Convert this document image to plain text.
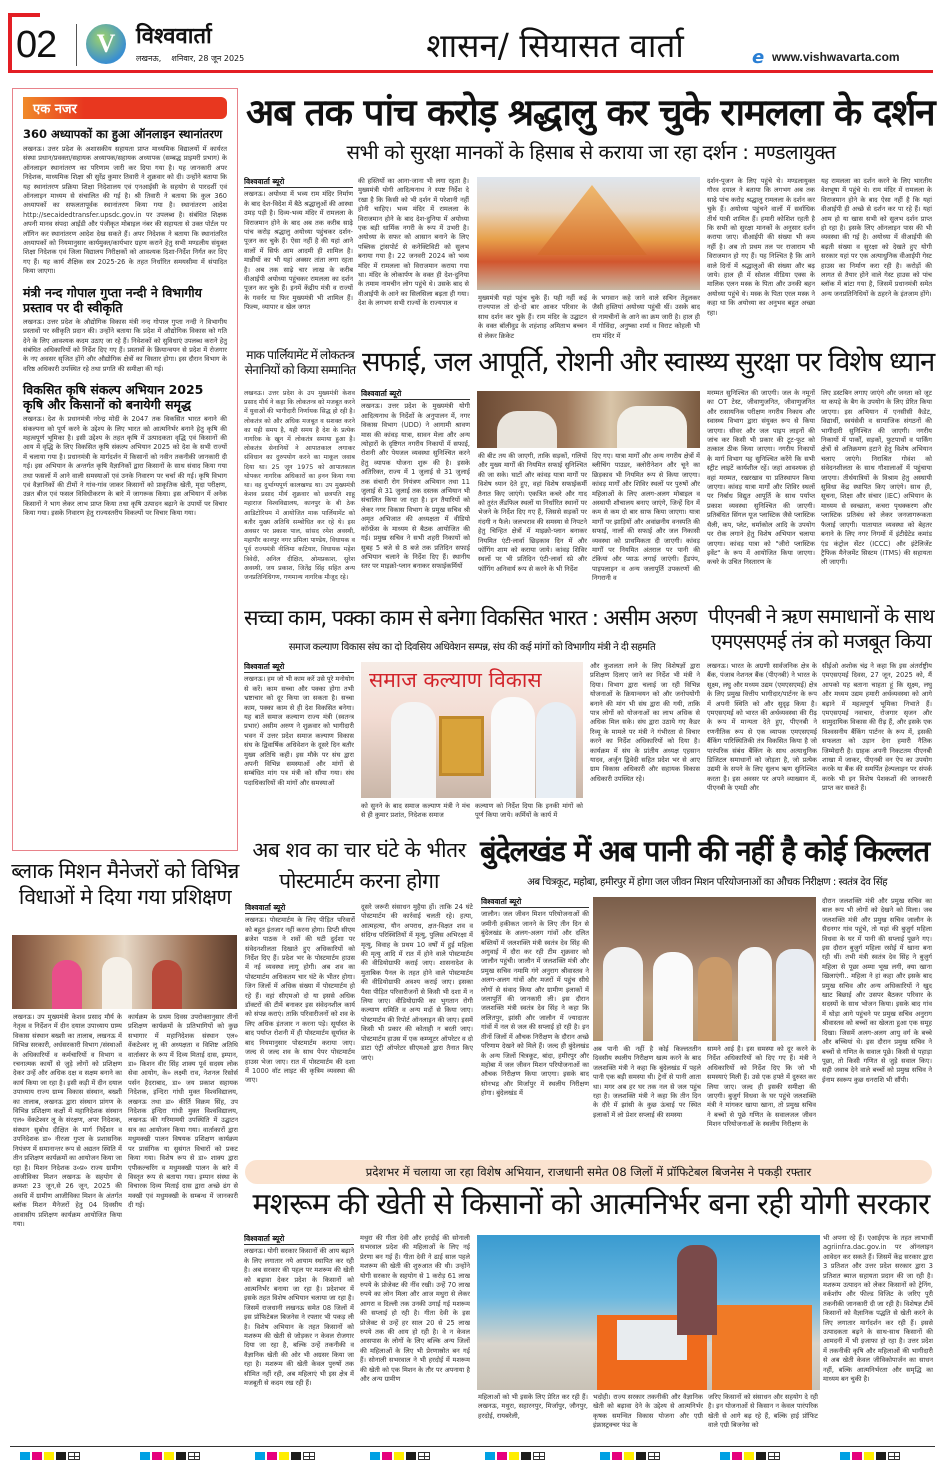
02	V विश्ववार्ता
लखनऊ,    शनिवार, 28 जून 2025	शासन/ सियासत वार्ता	e www.vishwavarta.com
एक नजर
360 अध्यापकों का हुआ ऑनलाइन स्थानांतरण
लखनऊ। उत्तर प्रदेश के अशासकीय सहायता प्राप्त माध्यमिक विद्यालयों में कार्यरत संस्था प्रधान/प्रवक्ता/सहायक अध्यापक/सहायक अध्यापक (सम्बद्ध प्राइमरी प्रभाग) के ऑनलाइन स्थानांतरण का परिणाम जारी कर दिया गया है। यह जानकारी अपर निदेशक, माध्यमिक शिक्षा श्री सुरेंद्र कुमार तिवारी ने शुक्रवार को दी। उन्होंने बताया कि यह स्थानांतरण प्रक्रिया शिक्षा निदेशालय एवं एनआईसी के सहयोग से पारदर्शी एवं ऑनलाइन माध्यम से संचालित की गई है। श्री तिवारी ने बताया कि कुल 360 अध्यापकों का सफलतापूर्वक स्थानांतरण किया गया है। स्थानांतरण आदेश http://secaidedtransfer.upsdc.gov.in पर उपलब्ध है। संबंधित शिक्षक अपनी मानव संपदा आईडी और पंजीकृत मोबाइल नंबर की सहायता से उक्त पोर्टल पर लॉगिन कर स्थानांतरण आदेश देख सकते हैं। अपर निदेशक ने बताया कि स्थानांतरित अध्यापकों को नियमानुसार कार्यमुक्त/कार्यभार ग्रहण कराने हेतु सभी मण्डलीय संयुक्त शिक्षा निदेशक एवं जिला विद्यालय निरीक्षकों को आवश्यक दिशा-निर्देश निर्गत कर दिए गए हैं। यह कार्य शैक्षिक सत्र 2025-26 के तहत निर्धारित समयसीमा में संपादित किया जाएगा।
मंत्री नन्द गोपाल गुप्ता नन्दी ने विभागीय प्रस्ताव पर दी स्वीकृति
लखनऊ। उत्तर प्रदेश के औद्योगिक विकास मंत्री नन्द गोपाल गुप्ता नन्दी ने विभागीय प्रस्तावों पर स्वीकृति प्रदान की। उन्होंने बताया कि प्रदेश में औद्योगिक विकास को गति देने के लिए आवश्यक कदम उठाए जा रहे हैं। निवेशकों को सुविधाएं उपलब्ध कराने हेतु संबंधित अधिकारियों को निर्देश दिए गए हैं। प्रस्तावों के क्रियान्वयन से प्रदेश में रोजगार के नए अवसर सृजित होंगे और औद्योगिक क्षेत्रों का विस्तार होगा। इस दौरान विभाग के वरिष्ठ अधिकारी उपस्थित रहे तथा प्रगति की समीक्षा की गई।
विकसित कृषि संकल्प अभियान 2025 कृषि और किसानों को बनायेगी समृद्ध
लखनऊ। देश के प्रधानमंत्री नरेन्द्र मोदी के 2047 तक विकसित भारत बनाने की संकल्पना को पूर्ण करने के उद्देश्य के लिए भारत को आत्मनिर्भर बनाने हेतु कृषि की महत्वपूर्ण भूमिका है। इसी उद्देश्य के तहत कृषि में उत्पादकता वृद्धि एवं किसानों की आय में वृद्धि के लिए विकसित कृषि संकल्प अभियान 2025 को देश के सभी राज्यों में चलाया गया है। प्रधानमंत्री के मार्गदर्शन में किसानों को नवीन तकनीकी जानकारी दी गई। इस अभियान के अन्तर्गत कृषि वैज्ञानिकों द्वारा किसानों के साथ संवाद किया गया तथा फसलों में आने वाली समस्याओं एवं उनके निवारण पर चर्चा की गई। कृषि विभाग एवं वैज्ञानिकों की टीमों ने गांव-गांव जाकर किसानों को प्राकृतिक खेती, मृदा परीक्षण, उन्नत बीज एवं फसल विविधीकरण के बारे में जागरूक किया। इस अभियान में अनेक किसानों ने भाग लेकर लाभ प्राप्त किया तथा कृषि उत्पादन बढ़ाने के उपायों पर विचार किया गया। इसके निवारण हेतु राज्यस्तरीय विकल्पों पर विचार किया गया।
अब तक पांच करोड़ श्रद्धालु कर चुके रामलला के दर्शन
सभी को सुरक्षा मानकों के हिसाब से कराया जा रहा दर्शन : मण्डलायुक्त
विश्ववार्ता ब्यूरो
लखनऊ। अयोध्या में भव्य राम मंदिर निर्माण के बाद देश-विदेश में बैठे श्रद्धालुओं की आस्था उमड़ पड़ी है। दिव्य-भव्य मंदिर में रामलला के विराजमान होने के बाद अब तक करीब साढ़े पांच करोड़ श्रद्धालु अयोध्या पहुंचकर दर्शन-पूजन कर चुके हैं। ऐसा नहीं है की यहां आने वालों में सिर्फ आम आदमी ही शामिल है। मान्नीयों का भी यहां अक्सर तांता लगा रहता है। अब तक साढ़े चार लाख के करीब वीआईपी अयोध्या पहुंचकर रामलला का दर्शन पूजन कर चुके हैं। इनमें केंद्रीय मंत्री व राज्यों के गवर्नर या फिर मुख्यमंत्री भी शामिल हैं। फिल्म, व्यापार व खेल जगत
की हस्तियों का आना-जाना भी लगा रहता है। मुख्यमंत्री योगी आदित्यनाथ ने स्पष्ट निर्देश दे रखा है कि किसी को भी दर्शन में परेशानी नहीं होनी चाहिए। भव्य मंदिर में रामलला के विराजमान होने के बाद देश-दुनिया में अयोध्या एक बड़ी धार्मिक नगरी के रूप में उभरी है। अयोध्या के सफर को आसान बनाने के लिए पब्लिक ट्रांसपोर्ट से कनेक्टिविटी को सुलभ बनाया गया है। 22 जनवरी 2024 को भव्य मंदिर में रामलला को विराजमान कराया गया था। मंदिर के लोकार्पण के वक्त ही देश-दुनिया के तमाम नामचीन लोग पहुंचे थे। उसके बाद से वीआईपी के आने का सिलसिला बढ़ता ही गया। देश के लगभग सभी राज्यों के राज्यपाल व
मुख्यमंत्री यहां पहुंच चुके हैं। यही नहीं कई राज्यपाल तो दो-दो बार आकर परिवार के साथ दर्शन कर चुके हैं। राम मंदिर के उद्घाटन के वक्त बॉलीवुड के शहंशाह अमिताभ बच्चन से लेकर क्रिकेट
के भगवान कहे जाने वाले सचिन तेंदुलकर जैसी हस्तियां अयोध्या पहुंची थीं। उसके बाद से नामचीनों के आने का क्रम जारी है। हाल ही में गोविंदा, अनुष्का शर्मा व विराट कोहली भी राम मंदिर में
दर्शन-पूजन के लिए पहुंचे थे। मण्डलायुक्त गौरव दयाल ने बताया कि लगभग अब तक साढ़े पांच करोड़ श्रद्धालु रामलला के दर्शन कर चुके हैं। अयोध्या पहुंचने वालों में सर्वाधिक तीर्थ यात्री शामिल हैं। हमारी कोशिश रहती है कि सभी को सुरक्षा मानकों के अनुसार दर्शन कराया जाए। वीआईपी की संख्या भी कम नहीं है। अब तो प्रथम तल पर राजाराम भी विराजमान हो गए हैं। यह निश्चित है कि आने वाले दिनों में श्रद्धालुओं की संख्या और बढ़ जाये। हाल ही में सोशल मीडिया एक्स के मालिक एलन मस्क के पिता और उनकी बहन अयोध्या पहुंचे थे। मस्क के पिता एरल मस्क ने कहा था कि अयोध्या का अनुभव बहुत अच्छा रहा।
यह रामलला का दर्शन करने के लिए भारतीय वेशभूषा में पहुंचे थे। राम मंदिर में रामलला के विराजमान होने के बाद ऐसा नहीं है कि यहां वीआईपी ही अच्छे से दर्शन कर पा रहे हैं। यहां आम हो या खास सभी को सुलभ दर्शन प्राप्त हो रहा है। इसके लिए ऑनलाइन पास की भी व्यवस्था की गई है। अयोध्या में वीआईपी की बढ़ती संख्या व सुरक्षा को देखते हुए योगी सरकार यहां पर एक अत्याधुनिक वीआईपी गेस्ट हाउस का निर्माण करा रही है। करोड़ों की लागत से तैयार होने वाले गेस्ट हाउस को पांच ब्लॉक में बांटा गया है, जिसमें प्रधानमंत्री समेत अन्य जनप्रतिनिधियों के ठहरने के इंतजाम होंगे।
माक पार्लियामेंट में लोकतन्त्र सेनानियों को किया सम्मानित
लखनऊ। उत्तर प्रदेश के उप मुख्यमंत्री केशव प्रसाद मौर्य ने कहा कि लोकतन्त्र को मजबूत करने में युवाओं की भागीदारी निर्णायक सिद्ध हो रही है। लोकतंत्र को और अधिक मजबूत व सशक्त करने का यही समय है, यही समय है देश के प्रत्येक नागरिक के खून में लोकतंत्र समाया हुआ है। लोकतंत्र सेनानियों ने आपातकाल लगाकर संविधान का दुरुपयोग करने का माकूल जवाब दिया था। 25 जून 1975 को आपातकाल थोपकर नागरिक अधिकारों का हनन किया गया था। वह दुर्भाग्यपूर्ण कालखण्ड था। उप मुख्यमंत्री केशव प्रसाद मौर्य शुक्रवार को छत्रपति शाहू महाराज विश्वविद्यालय, कानपुर के बी ठेक आडिटोरियम में आयोजित माक पार्लियामेंट को बतौर मुख्य अतिथि सम्बोधित कर रहे थे। इस अवसर पर प्रकाश पाल, सांसद रमेश अवस्थी, महापौर कानपुर नगर प्रमिला पाण्डेय, विधायक व पूर्व राज्यमंत्री नीलिमा कटियार, विधायक महेश त्रिवेदी, अनिल दीक्षित, ओमप्रकाश, सुरेश अवस्थी, जय प्रकाश, जितेंद्र सिंह सहित अन्य जनप्रतिनिधिगण, गणमान्य नागरिक मौजूद रहे।
सफाई, जल आपूर्ति, रोशनी और स्वास्थ्य सुरक्षा पर विशेष ध्यान
विश्ववार्ता ब्यूरो
लखनऊ। उत्तर प्रदेश के मुख्यमंत्री योगी आदित्यनाथ के निर्देशों के अनुपालन में, नगर विकास विभाग (UDD) ने आगामी श्रावण मास की कांवड़ यात्रा, सावन मेला और अन्य त्योहारों के दृष्टिगत नगरीय निकायों में सफाई, रोशनी और पेयजल व्यवस्था सुनिश्चित करने हेतु व्यापक योजना शुरू की है। इसके अतिरिक्त, राज्य में 1 जुलाई से 31 जुलाई तक संचारी रोग नियंत्रण अभियान तथा 11 जुलाई से 31 जुलाई तक दस्तक अभियान भी संचालित किया जा रहा है। इन तैयारियों को लेकर नगर विकास विभाग के प्रमुख सचिव श्री अमृत अभिजात की अध्यक्षता में वीडियो कॉन्फ्रेंस के माध्यम से बैठक आयोजित की गई। प्रमुख सचिव ने सभी शहरी निकायों को सुबह 5 बजे से 8 बजे तक प्रतिदिन सफाई अभियान चलाने के निर्देश दिए हैं। स्थानीय स्तर पर माइक्रो-प्लान बनाकर सफाईकर्मियों
की बीट तय की जाएगी, ताकि सड़कों, गलियों और मुख्य मार्गों की नियमित सफाई सुनिश्चित की जा सके। घाटों और कांवड़ यात्रा मार्गों पर विशेष ध्यान देते हुए, वहां विशेष सफाईकर्मी तैनात किए जाएंगे। एकत्रित कचरे और गाद को तुरंत लैंडफिल स्थलों या निर्धारित स्थानों पर भेजने के निर्देश दिए गए हैं, जिससे सड़कों पर गंदगी न फैले। जलभराव की समस्या से निपटने हेतु चिन्हित क्षेत्रों में माइक्रो-प्लान बनाकर नियमित एंटी-लार्वा छिड़काव दिन में और फॉगिंग शाम को कराया जाये। कांवड़ शिविर स्थलों पर भी प्रतिदिन एंटी-लार्वा स्प्रे और फॉगिंग अनिवार्य रूप से करने के भी निर्देश
दिए गए। यात्रा मार्गों और अन्य नगरीय क्षेत्रों में ब्लीचिंग पाउडर, क्लोरीनेशन और चूने का छिड़काव भी नियमित रूप से किया जाएगा। कांवड़ मार्गों और शिविर स्थलों पर पुरुषों और महिलाओं के लिए अलग-अलग मोबाइल व अस्थायी शौचालय बनाए जाएंगे, जिन्हें दिन में कम से कम दो बार साफ किया जाएगा। यात्रा मार्गों पर झाड़ियों और अवांछनीय वनस्पति की सफाई, नालों की सफाई और जल निकासी व्यवस्था को प्राथमिकता दी जाएगी। कांवड़ मार्गों पर नियमित अंतराल पर पानी की टंकियां और प्याऊ लगाई जाएंगी। हैंडपंप, पाइपलाइन व अन्य जलापूर्ति उपकरणों की निगरानी व
मरम्मत सुनिश्चित की जाएगी। जल के नमूनों का OT टेस्ट, जीवाणुजनित, जीवाणुजनित और रासायनिक परीक्षण नगरीय निकाय और स्वास्थ्य विभाग द्वारा संयुक्त रूप से किया जाएगा। सीवर और जल पाइप लाइनों की जांच कर किसी भी प्रकार की टूट-फूट को तत्काल ठीक किया जाएगा। नगरीय निकायों के मार्ग विभाग यह सुनिश्चित करेंगे कि सभी स्ट्रीट लाइटें कार्यशील रहें। जहां आवश्यक हो वहां मरम्मत, रखरखाव या प्रतिस्थापन किया जाएगा। कांवड़ यात्रा मार्गों और शिविर स्थलों पर निर्बाध विद्युत आपूर्ति के साथ पर्याप्त प्रकाश व्यवस्था सुनिश्चित की जाएगी। प्रतिबंधित सिंगल यूज प्लास्टिक जैसे प्लास्टिक थैली, कप, प्लेट, थर्माकोल आदि के उपयोग पर रोक लगाने हेतु विशेष अभियान चलाया जाएगा। कांवड़ यात्रा को "जीरो प्लास्टिक इवेंट" के रूप में आयोजित किया जाएगा। कचरे के उचित निस्तारण के
लिए डस्टबिन लगाए जाएंगे और जनता को जूट या कपड़े के बैग के उपयोग के लिए प्रेरित किया जाएगा। इस अभियान में एनसीसी कैडेट, विद्यार्थी, स्वयंसेवी व सामाजिक संगठनों की भागीदारी सुनिश्चित की जाएगी। नगरीय निकायों में पार्कों, सड़कों, फुटपाथों व पार्किंग क्षेत्रों से अतिक्रमण हटाने हेतु विशेष अभियान चलाए जाएंगे। निराश्रित गोवंश को संवेदनशीलता के साथ गौशालाओं में पहुंचाया जाएगा। तीर्थयात्रियों के विश्राम हेतु अस्थायी सुविधा केंद्र स्थापित किए जाएंगे। साथ ही, सूचना, शिक्षा और संचार (IEC) अभियान के माध्यम से स्वच्छता, कचरा पृथक्करण और प्लास्टिक प्रतिबंध को लेकर जनजागरूकता फैलाई जाएगी। यातायात व्यवस्था को बेहतर बनाने के लिए नगर निगमों में इंटीग्रेटेड कमांड एंड कंट्रोल सेंटर (ICCC) और इंटेलिजेंट ट्रैफिक मैनेजमेंट सिस्टम (ITMS) की सहायता ली जाएगी।
सच्चा काम, पक्का काम से बनेगा विकसित भारत : असीम अरुण
समाज कल्याण विकास संघ का दो दिवसिय अधिवेशन सम्पन्न, संघ की कई मांगों को विभागीय मंत्री ने दी सहमति
विश्ववार्ता ब्यूरो
लखनऊ। हम जो भी काम करें उसे पूरे मनोयोग से करें। काम सच्चा और पक्का होगा तभी भ्रष्टाचार को दूर किया जा सकता है। सच्चा काम, पक्का काम से ही देश विकसित बनेगा। यह बातें समाज कल्याण राज्य मंत्री (स्वतन्त्र प्रभार) असीम अरुण ने शुक्रवार को भागीदारी भवन में उत्तर प्रदेश समाज कल्याण विकास संघ के द्विवार्षिक अधिवेशन के दूसरे दिन बतौर मुख्य अतिथि कही। इस मौके पर संघ द्वारा अपनी विभिन्न समस्याओं और मांगों से सम्बंधित मांग पत्र मंत्री को सौंपा गया। संघ पदाधिकारियों की मांगों और समस्याओं
समाज कल्याण विकास
को सुनने के बाद समाज कल्याण मंत्री ने मंच से ही कुमार प्रशांत, निदेशक समाज
कल्याण को निर्देश दिया कि इनकी मांगों को पूर्ण किया जाये। कर्मियों के कार्य में
और कुशलता लाने के लिए विशेषज्ञों द्वारा प्रशिक्षण दिलाए जाने का निर्देश भी मंत्री ने दिया। विभाग द्वारा चलाई जा रही विभिन्न योजनाओं के क्रियान्वयन को और जनोपयोगी बनाने की मांग भी संघ द्वारा की गयी, ताकि पात्र लोगों को योजनाओं का लाभ अधिक से अधिक मिल सके। संघ द्वारा उठाये गए कैडर रिव्यू के मामले पर मंत्री ने गंभीरता से विचार करने का निर्देश अधिकारियों को दिया है। कार्यक्रम में संघ के प्रांतीय अध्यक्ष एहसान यादव, अर्जुन द्विवेदी सहित प्रदेश भर से आए ग्राम विकास अधिकारी और सहायक विकास अधिकारी उपस्थित रहे।
पीएनबी ने ऋण समाधानों के साथ एमएसएमई तंत्र को मजबूत किया
लखनऊ। भारत के अग्रणी सार्वजनिक क्षेत्र के बैंक, पंजाब नेशनल बैंक (पीएनबी) ने भारत के सूक्ष्म, लघु और मध्यम उद्यम (एमएसएमई) क्षेत्र के लिए प्रमुख वित्तीय भागीदार/पार्टनर के रूप में अपनी स्थिति को और सुदृढ़ किया है। एमएसएमई को भारत की अर्थव्यवस्था की रीढ़ के रूप में मान्यता देते हुए, पीएनबी ने रणनीतिक रूप से एक व्यापक एमएसएमई बैंकिंग पारिस्थितिकी तंत्र विकसित किया है जो पारंपरिक संबंध बैंकिंग के साथ अत्याधुनिक डिजिटल समाधानों को जोड़ता है, जो प्रत्येक उद्यमी के सपने के लिए सुलभ ऋण सुनिश्चित करता है। इस अवसर पर अपने व्याख्यान में, पीएनबी के एमडी और
सीईओ अशोक चंद्र ने कहा कि इस अंतर्राष्ट्रीय एमएसएमई दिवस, 27 जून, 2025 को, मैं आपको यह बताना चाहता हूं कि सूक्ष्म, लघु और मध्यम उद्यम हमारी अर्थव्यवस्था को आगे बढ़ाने में महत्वपूर्ण भूमिका निभाते हैं। एमएसएमई नवाचार, रोजगार सृजन और सामुदायिक विकास की रीढ़ हैं, और इसके एक विश्वसनीय बैंकिंग पार्टनर के रूप में, इसकी सफलता को उड़ान देना हमारी नैतिक जिम्मेदारी है। ग्राहक अपनी निकटतम पीएनबी शाखा में जाकर, पीएनबी वन ऐप का उपयोग करके या बैंक की समर्पित हेल्पलाइन पर संपर्क करके भी इन विशेष पेशकशों की जानकारी प्राप्त कर सकते हैं।
अब शव का चार घंटे के भीतर
पोस्टमार्टम करना होगा
विश्ववार्ता ब्यूरो
लखनऊ। पोस्टमार्टम के लिए पीड़ित परिवारों को बहुत इंतजार नहीं करना होगा। डिप्टी सीएम ब्रजेश पाठक ने शवों की घटी दुर्दशा पर संवेदनशीलता दिखाते हुए अधिकारियों को निर्देश दिए हैं। प्रदेश भर के पोस्टमार्टम हाउस में नई व्यवस्था लागू होगी। अब शव का पोस्टमार्टम अधिकतम चार घंटे के भीतर होगा। जिन जिलों में अधिक संख्या में पोस्टमार्टम हो रहे हैं। वहां सीएमओ दो या इससे अधिक डॉक्टरों की टीमें बनाकर इस संवेदनशील कार्य को संपन्न कराएं। ताकि परिवारीजनों को शव के लिए अधिक इंतजार न करना पड़े। सूर्यास्त के बाद पर्याप्त रोशनी में ही पोस्टमार्टम सूर्यास्त के बाद नियमानुसार पोस्टमार्टम कराया जाए। जल्द से जल्द शव के साथ पेपर पोस्टमार्टम हाउस भेजा जाए। रात में पोस्टमार्टम की दशा में 1000 वॉट लाइट की कृत्रिम व्यवस्था की जाए।
दूसरे जरूरी संसाधन मुहैया हों। ताकि 24 घंटे पोस्टमार्टम की कार्रवाई चलती रहे। हत्या, आत्महत्या, यौन अपराध, क्षत-विक्षत शव व संदिग्ध परिस्थितियों में मृत्यु, पुलिस अभिरक्षा में मृत्यु, विवाह के प्रथम 10 वर्षों में हुई महिला की मृत्यु आदि में रात में होने वाले पोस्टमार्टम की वीडियोग्राफी कराई जाए। शासनादेश के मुताबिक पैनल के तहत होने वाले पोस्टमार्टम की वीडियोग्राफी अवश्य कराई जाए। इसका पैसा पीड़ित परिवारीजनों से किसी भी दशा में न लिया जाए। वीडियोग्राफी का भुगतान रोगी कल्याण समिति व अन्य मदों से किया जाए। पोस्टमार्टम की रिपोर्ट ऑनलाइन की जाए। इसमें किसी भी प्रकार की कोताही न बरती जाए। पोस्टमार्टम हाउस में एक कम्प्यूटर ऑपरेटर व दो डाटा एंट्री ऑपरेटर सीएमओ द्वारा तैनात किए जाएं।
बुंदेलखंड में अब पानी की नहीं है कोई किल्लत
अब चित्रकूट, महोबा, हमीरपुर में होगा जल जीवन मिशन परियोजनाओं का औचक निरीक्षण : स्वतंत्र देव सिंह
विश्ववार्ता ब्यूरो
जालौन। जल जीवन मिशन परियोजनाओं की जमीनी हकीकत जानने के लिए तीन दिन से बुंदेलखंड के अलग-अलग गांवों और दलित बस्तियों में जलशक्ति मंत्री स्वतंत्र देव सिंह की अगुवाई में दौरा कर रही टीम शुक्रवार को जालौन पहुंची। जालौन में जलशक्ति मंत्री और प्रमुख सचिव नमामि गंगे अनुराग श्रीवास्तव ने अलग-अलग गांवों और मजरों में पहुंच सीधे लोगों से संवाद किया और ग्रामीण इलाकों में जलापूर्ति की जानकारी ली। इस दौरान जलशक्ति मंत्री स्वतंत्र देव सिंह ने कहा कि ललितपुर, झांसी और जालौन में ज्यादातर गांवों में नल से जल की सप्लाई हो रही है। इन तीनों जिलों में औचक निरीक्षण के दौरान अच्छे परिणाम देखने को मिले हैं। जल्द ही बुंदेलखंड के अन्य जिलों चित्रकूट, बांदा, हमीरपुर और महोबा में जल जीवन मिशन परियोजनाओं का औचक निरीक्षण किया जाएगा। इसके बाद सोनभद्र और मिर्जापुर में स्थलीय निरीक्षण होगा। बुंदेलखंड में
अब पानी की नहीं है कोई किल्लततीन दिवसीय स्थलीय निरीक्षण खत्म करने के बाद जलशक्ति मंत्री ने कहा कि बुंदेलखंड में पहले पानी एक बड़ी समस्या थी। ट्रेनों से पानी आता था। मगर अब हर घर तक नल से जल पहुंच रहा है। जलशक्ति मंत्री ने कहा कि तीन दिन के दौरे में झांसी के कुछ ऊंचाई पर स्थित इलाकों में लो प्रेशर सप्लाई की समस्या
सामने आई है। इस समस्या को दूर करने के निर्देश अधिकारियों को दिए गए हैं। मंत्री ने अधिकारियों को निर्देश दिए कि जो भी समस्याएं मिली हैं। उसे एक हफ्ते में दुरुस्त कर लिया जाए। जल्द ही इसकी समीक्षा की जाएगी। बुजुर्ग विधवा के घर पहुंचे जलशक्ति मंत्री ने मांगकर खाया खाना, तो प्रमुख सचिव ने बच्चों से पूछे गणित के सवालजल जीवन मिशन परियोजनाओं के स्थलीय निरीक्षण के
दौरान जलशक्ति मंत्री और प्रमुख सचिव का बाल रूप भी लोगों को देखने को मिला। जब जलशक्ति मंत्री और प्रमुख सचिव जालौन के सैदनगर गांव पहुंचे, तो यहां की बुजुर्ग महिला विधवा के घर में पानी की सप्लाई पूछने गए। इस दौरान बुजुर्ग महिला रसोई में खाना बना रही थीं। तभी मंत्री स्वतंत्र देव सिंह ने बुजुर्ग महिला से पूछा अम्मा भूख लगी, क्या खाना खिलाएंगी.. महिला ने हां कहा और इसके बाद प्रमुख सचिव और अन्य अधिकारियों ने खुद खाट बिछाई और उसपर बैठकर परिवार के सदस्यों के साथ भोजन किया। इसके बाद गांव में थोड़ा आगे पहुंचने पर प्रमुख सचिव अनुराग श्रीवास्तव को बच्चों का खेलता हुआ एक समूह दिखा। जिसमें अलग-अलग आयु वर्ग के बच्चे और बच्चियां थे। इस दौरान प्रमुख सचिव ने बच्चों से गणित के सवाल पूछे। किसी से पहाड़ा पूछा, तो किसी गणित से जुड़े सवाल किए। सही जवाब देने वाले बच्चों को प्रमुख सचिव ने ईनाम स्वरूप कुछ धनराशि भी सौंपी।
ब्लाक मिशन मैनेजरों को विभिन्न विधाओं मे दिया गया प्रशिक्षण
लखनऊ। उप मुख्यमंत्री केशव प्रसाद मौर्य के नेतृत्व व निर्देशन में दीन दयाल उपाध्याय ग्राम्य विकास संस्थान बख्शी का तालाब, लखनऊ में विभिन्न सरकारी, अर्धसरकारी विभाग /संस्थाओं के अधिकारियों व कर्मचारियों व विभाग व रचनात्मक कार्यों से जुड़े लोगों को प्रशिक्षण देकर उन्हें और अधिक दक्ष व सक्षम बनाने का कार्य किया जा रहा है। इसी कड़ी में दीन दयाल उपाध्याय राज्य ग्राम्य विकास संस्थान, बख्शी का तालाब, लखनऊ द्वारा संस्थान प्रांगण के विभिन्न प्रशिक्षण कक्षों में महानिदेशक संस्थान एल० वेंकटेश्वर लू के संरक्षण, अपर निदेशक, संस्थान सुबोध दीक्षित के मार्ग निर्देशन व उपनिदेशक डा० नीरजा गुप्ता के प्रशासनिक नियंत्रण में समानान्तर रूप से अद्यतन स्थिति में तीन प्रशिक्षण कार्यक्रमों का आयोजन किया जा रहा है। मिशन निदेशक उ०प्र० राज्य ग्रामीण आजीविका मिशन लखनऊ के सहयोग से क्रमशः 23 जून,से 26 जून, 2025 की अवधि में ग्रामीण आजीविका मिशन के अंतर्गत ब्लॉक मिशन मैनेजरों हेतु 04 दिवसीय आवासीय प्रशिक्षण कार्यक्रम आयोजित किया गया।
कार्यक्रम के प्रथम दिवस उपरोक्तानुसार तीनों प्रशिक्षण कार्यक्रमों के प्रतिभागियों को कुछ सभागार में महानिदेशक संस्थान एल० वेंकटेश्वर लू की अध्यक्षता व विशिष्ट अतिथि वार्ताकार के रूप में दिव्य मिताई दास, इम्पान, डा० किशन वीर सिंह शाक्य पूर्व सदस्य लोक सेवा आयोग, के० लक्ष्मी राव, नेशनल रिसोर्स पर्सन हैदराबाद, डा० जय प्रकाश सहायक निदेशक, इन्दिरा गांधी मुक्त विश्वविद्यालय, लखनऊ तथा डा० कीर्ति विक्रम सिंह, उप निदेशक इन्दिरा गांधी मुक्त विश्वविद्यालय, लखनऊ की गरिमामयी उपस्थिति में उद्घाटन सत्र का आयोजन किया गया। वार्ताकारों द्वारा मधुमक्खी पालन विषयक प्रशिक्षण कार्यक्रम पर प्रासंगिक या सुसंगत विचारों को प्रकट किया गया। विशेष रूप से डा० शाक्य द्वारा एपीकल्चरिंग व मधुमक्खी पालन के बारे में विस्तृत रूप से बताया गया। इम्पान संस्था के विचारक दिव्य मिताई दास द्वारा अच्छे ढंग से मक्खी एवं मधुमक्खी के सम्बन्ध में जानकारी दी गई।
प्रदेशभर में चलाया जा रहा विशेष अभियान, राजधानी समेत 08 जिलों में प्रॉफिटेबल बिजनेस ने पकड़ी रफ्तार
मशरूम की खेती से किसानों को आत्मनिर्भर बना रही योगी सरकार
विश्ववार्ता ब्यूरो
लखनऊ। योगी सरकार किसानों की आय बढ़ाने के लिए लगातार नये आयाम स्थापित कर रही है। अब सरकार की पहल पर मशरूम की खेती को बढ़ावा देकर प्रदेश के किसानों को आत्मनिर्भर बनाया जा रहा है। प्रदेशभर में इसके तहत विशेष अभियान चलाया जा रहा है। जिसमें राजधानी लखनऊ समेत 08 जिलों में इस प्रॉफिटेबल बिजनेस ने रफ्तार भी पकड़ ली है। विशेष अभियान के तहत किसानों को मशरूम की खेती से जोड़कर न केवल रोजगार दिया जा रहा है, बल्कि उन्हें तकनीकी व वैज्ञानिक खेती की ओर भी अग्रसर किया जा रहा है। मशरूम की खेती केवल पुरुषों तक सीमित नहीं रही, अब महिलाएं भी इस क्षेत्र में मजबूती से कदम रख रही हैं।
मथुरा की गीता देवी और हरदोई की सोनाली सभरवाल प्रदेश की महिलाओं के लिए नई प्रेरणा बन गई हैं। गीता देवी ने ढाई साल पहले मशरूम की खेती की शुरुआत की थी। उन्होंने योगी सरकार के सहयोग से 1 करोड़ 61 लाख रुपये के प्रोजेक्ट की नींव रखी। उन्हें 70 लाख रुपये का लोन मिला और आज मथुरा से लेकर आगरा व दिल्ली तक उनकी उगाई गई मशरूम की सप्लाई हो रही है। गीता देवी के इस प्रोजेक्ट से उन्हें हर साल 20 से 25 लाख रुपये तक की आय हो रही है। वे न केवल आसपास के लोगों के लिए बल्कि अन्य जिलों की महिलाओं के लिए भी प्रेरणास्रोत बन गई हैं। सोनाली सभरवाल ने भी हरदोई में मशरूम की खेती को एक मिशन के तौर पर अपनाया है और अन्य ग्रामीण
महिलाओं को भी इसके लिए प्रेरित कर रही हैं। लखनऊ, मथुरा, सहारनपुर, मिर्जापुर, जौनपुर, हरदोई, रायबरेली,
भदोही। राज्य सरकार तकनीकी और वैज्ञानिक खेती को बढ़ावा देने के उद्देश्य से आत्मनिर्भर कृषक समन्वित विकास योजना और एग्री इंफ्रास्ट्रक्चर फंड के
जरिए किसानों को संसाधन और सहयोग दे रही है। इन योजनाओं से किसान न केवल पारंपरिक खेती से आगे बढ़ रहे हैं, बल्कि हाई प्रॉफिट वाले एग्री बिजनेस को
भी अपना रहे हैं। एआईएफ के तहत लाभार्थी agriinfra.dac.gov.in पर ऑनलाइन आवेदन कर सकते हैं। जिसमें केंद्र सरकार द्वारा 3 प्रतिशत और उत्तर प्रदेश सरकार द्वारा 3 प्रतिशत ब्याज सहायता प्रदान की जा रही है। मशरूम उत्पादन को लेकर किसानों को ट्रेनिंग, वर्कशॉप और फील्ड विजिट के जरिए पूरी तकनीकी जानकारी दी जा रही है। विशेषज्ञ टीमें किसानों को वैज्ञानिक पद्धति से खेती करने के लिए लगातार मार्गदर्शन कर रही हैं। इससे उत्पादकता बढ़ने के साथ-साथ किसानों की आमदनी में भी इजाफा हो रहा है। उत्तर प्रदेश में तकनीकी कृषि और महिलाओं की भागीदारी से अब खेती केवल जीविकोपार्जन का साधन नहीं, बल्कि आत्मनिर्भरता और समृद्धि का माध्यम बन चुकी है।
